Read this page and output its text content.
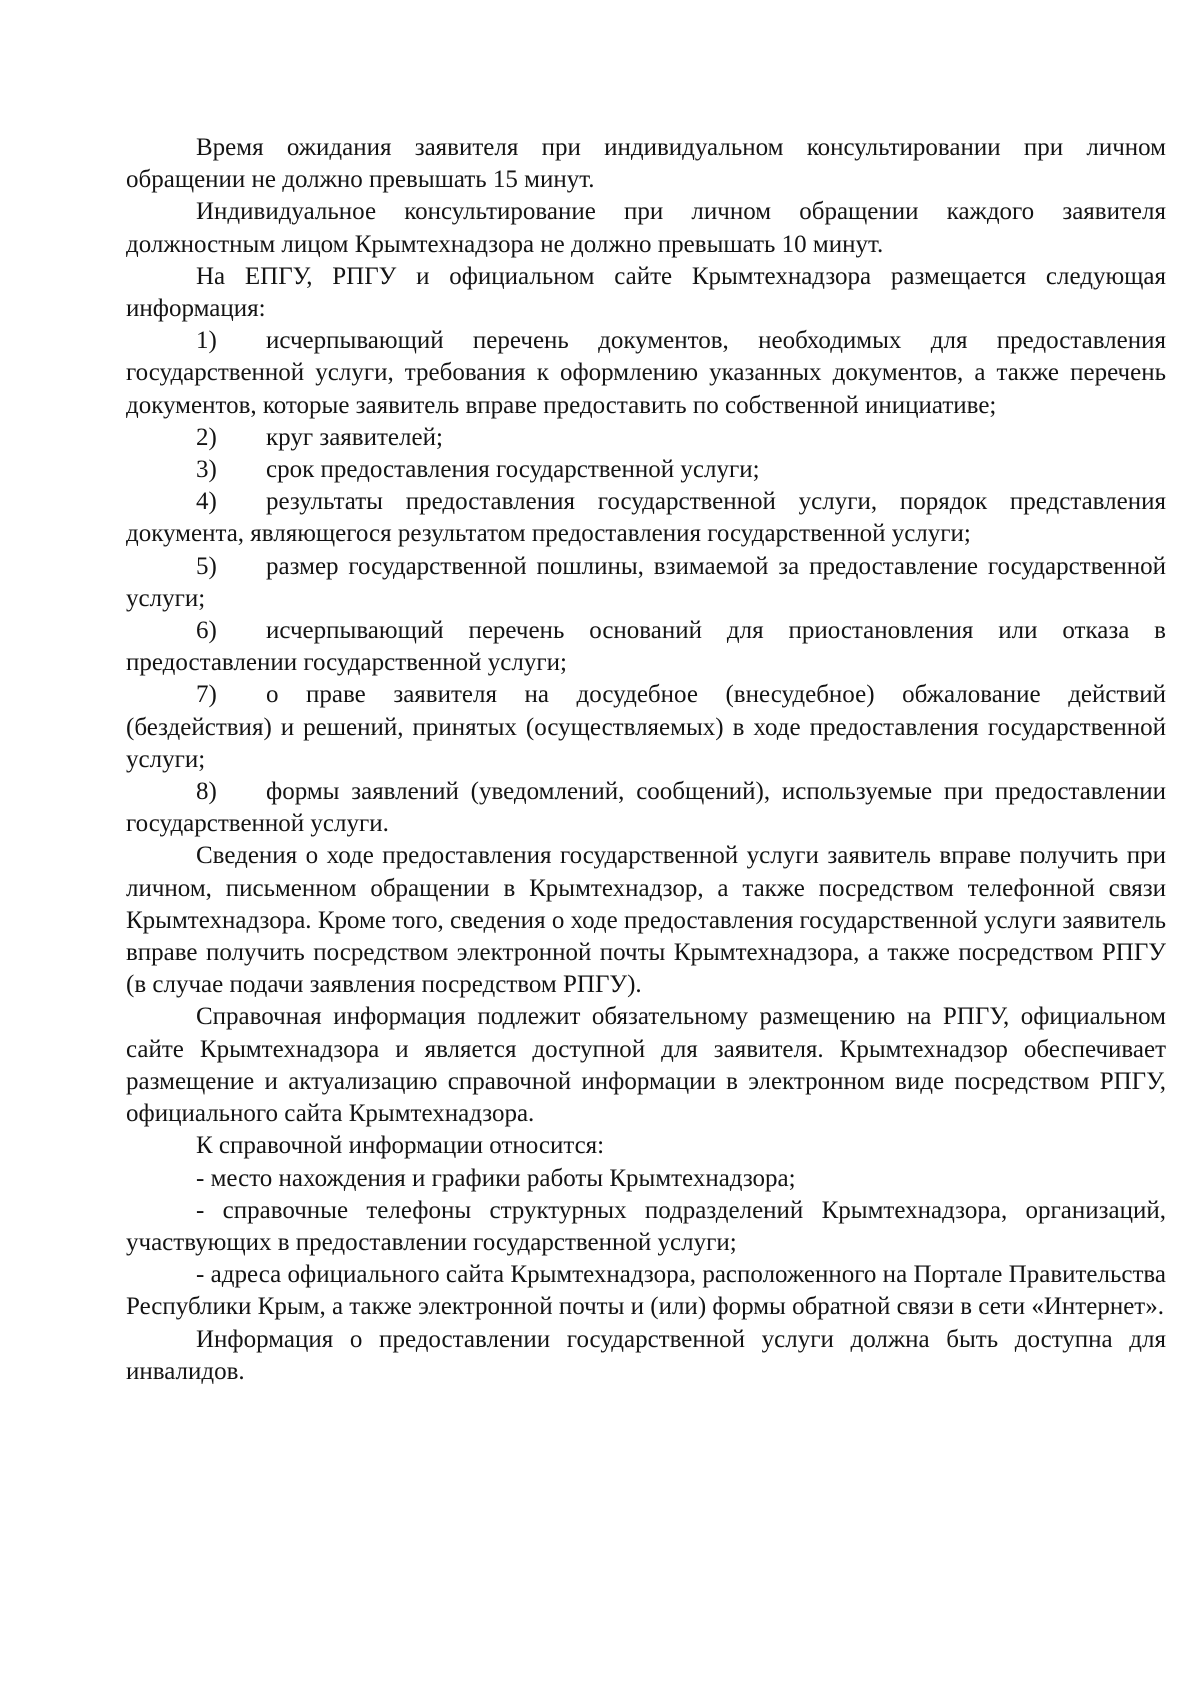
Время ожидания заявителя при индивидуальном консультировании при личном обращении не должно превышать 15 минут.

Индивидуальное консультирование при личном обращении каждого заявителя должностным лицом Крымтехнадзора не должно превышать 10 минут.

На ЕПГУ, РПГУ и официальном сайте Крымтехнадзора размещается следующая информация:

1) исчерпывающий перечень документов, необходимых для предоставления государственной услуги, требования к оформлению указанных документов, а также перечень документов, которые заявитель вправе предоставить по собственной инициативе;

2) круг заявителей;

3) срок предоставления государственной услуги;

4) результаты предоставления государственной услуги, порядок представления документа, являющегося результатом предоставления государственной услуги;

5) размер государственной пошлины, взимаемой за предоставление государственной услуги;

6) исчерпывающий перечень оснований для приостановления или отказа в предоставлении государственной услуги;

7) о праве заявителя на досудебное (внесудебное) обжалование действий (бездействия) и решений, принятых (осуществляемых) в ходе предоставления государственной услуги;

8) формы заявлений (уведомлений, сообщений), используемые при предоставлении государственной услуги.

Сведения о ходе предоставления государственной услуги заявитель вправе получить при личном, письменном обращении в Крымтехнадзор, а также посредством телефонной связи Крымтехнадзора. Кроме того, сведения о ходе предоставления государственной услуги заявитель вправе получить посредством электронной почты Крымтехнадзора, а также посредством РПГУ (в случае подачи заявления посредством РПГУ).

Справочная информация подлежит обязательному размещению на РПГУ, официальном сайте Крымтехнадзора и является доступной для заявителя. Крымтехнадзор обеспечивает размещение и актуализацию справочной информации в электронном виде посредством РПГУ, официального сайта Крымтехнадзора.

К справочной информации относится:

- место нахождения и графики работы Крымтехнадзора;

- справочные телефоны структурных подразделений Крымтехнадзора, организаций, участвующих в предоставлении государственной услуги;

- адреса официального сайта Крымтехнадзора, расположенного на Портале Правительства Республики Крым, а также электронной почты и (или) формы обратной связи в сети «Интернет».

Информация о предоставлении государственной услуги должна быть доступна для инвалидов.
